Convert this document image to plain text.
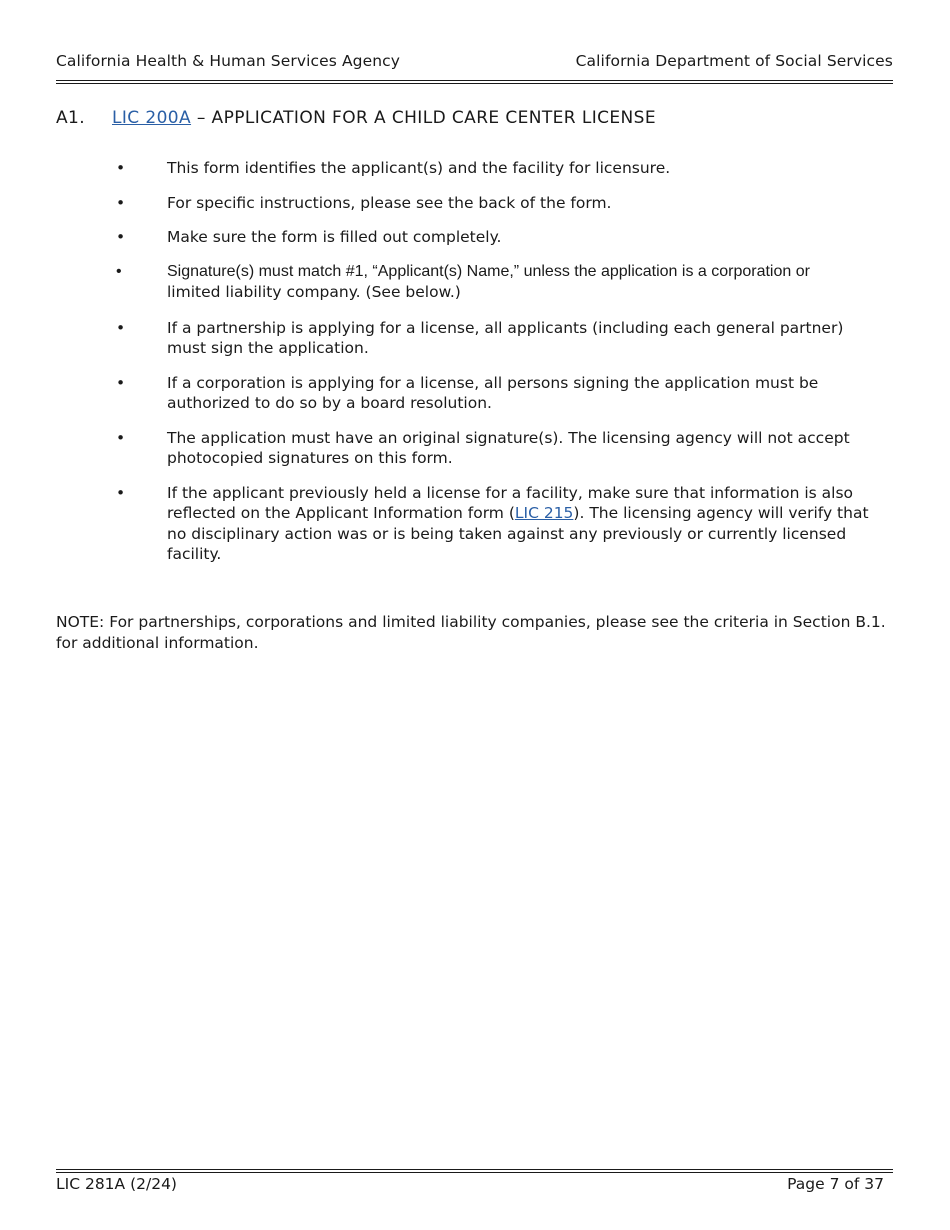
California Health & Human Services Agency	California Department of Social Services
A1. LIC 200A – APPLICATION FOR A CHILD CARE CENTER LICENSE
•	This form identifies the applicant(s) and the facility for licensure.
•	For specific instructions, please see the back of the form.
•	Make sure the form is filled out completely.
•	Signature(s) must match #1, “Applicant(s) Name,” unless the application is a corporation or
limited liability company. (See below.)
•	If a partnership is applying for a license, all applicants (including each general partner) must sign the application.
•	If a corporation is applying for a license, all persons signing the application must be authorized to do so by a board resolution.
•	The application must have an original signature(s). The licensing agency will not accept photocopied signatures on this form.
•	If the applicant previously held a license for a facility, make sure that information is also reflected on the Applicant Information form (LIC 215). The licensing agency will verify that no disciplinary action was or is being taken against any previously or currently licensed facility.
NOTE: For partnerships, corporations and limited liability companies, please see the criteria in Section B.1. for additional information.
LIC 281A (2/24)	Page 7 of 37
